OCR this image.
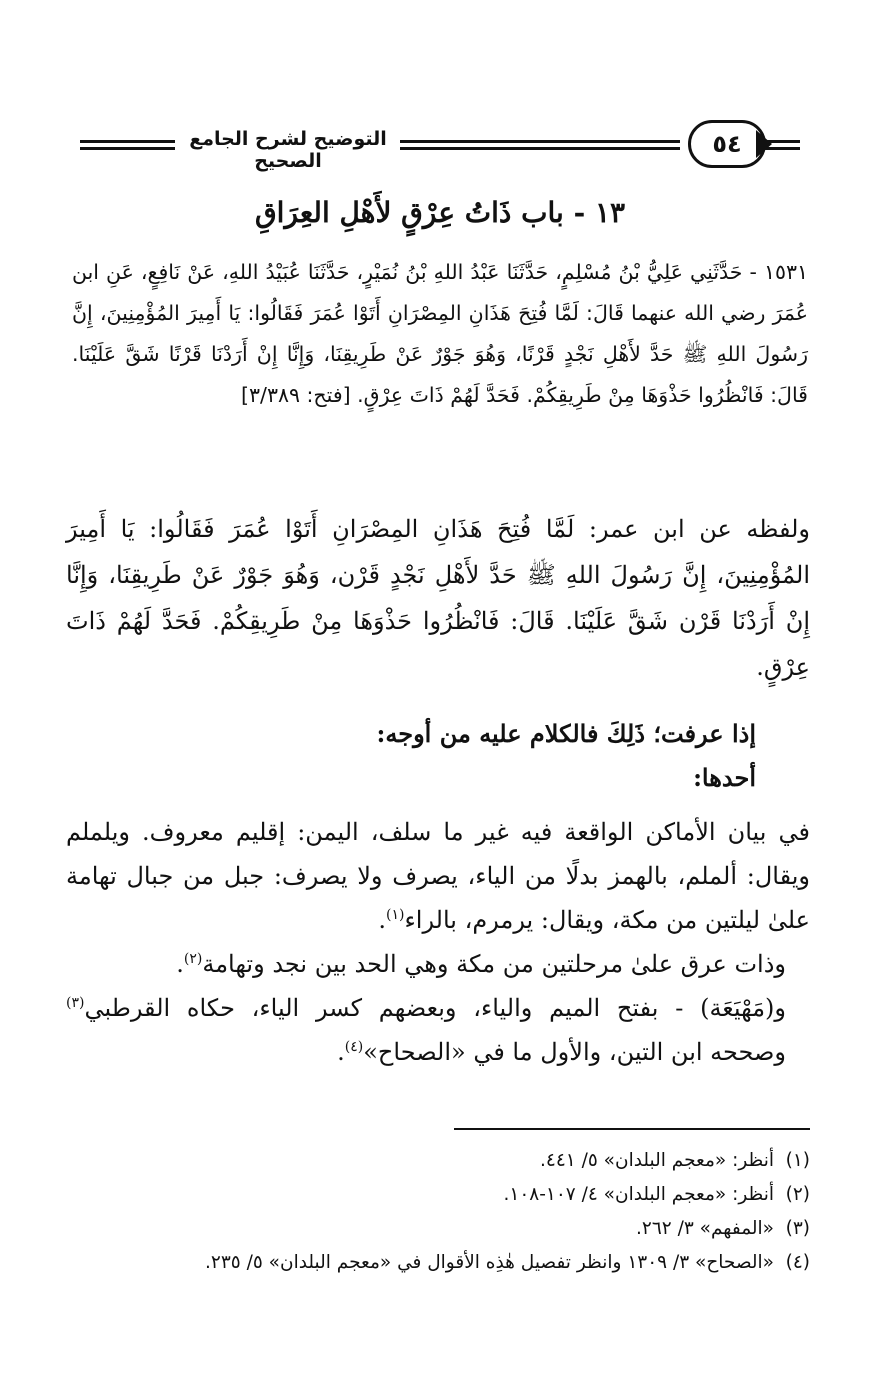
التوضيح لشرح الجامع الصحيح
٥٤
١٣ - باب ذَاتُ عِرْقٍ لأَهْلِ العِرَاقِ
١٥٣١ - حَدَّثَنِي عَلِيُّ بْنُ مُسْلِمٍ، حَدَّثَنَا عَبْدُ اللهِ بْنُ نُمَيْرٍ، حَدَّثَنَا عُبَيْدُ اللهِ، عَنْ نَافِعٍ، عَنِ ابن عُمَرَ رضي الله عنهما قَالَ: لَمَّا فُتِحَ هَذَانِ المِصْرَانِ أَتَوْا عُمَرَ فَقَالُوا: يَا أَمِيرَ المُؤْمِنِينَ، إِنَّ رَسُولَ اللهِ ﷺ حَدَّ لأَهْلِ نَجْدٍ قَرْنًا، وَهُوَ جَوْرٌ عَنْ طَرِيقِنَا، وَإِنَّا إِنْ أَرَدْنَا قَرْنًا شَقَّ عَلَيْنَا. قَالَ: فَانْظُرُوا حَذْوَهَا مِنْ طَرِيقِكُمْ. فَحَدَّ لَهُمْ ذَاتَ عِرْقٍ. [فتح: ٣/٣٨٩]
ولفظه عن ابن عمر: لَمَّا فُتِحَ هَذَانِ المِصْرَانِ أَتَوْا عُمَرَ فَقَالُوا: يَا أَمِيرَ المُؤْمِنِينَ، إِنَّ رَسُولَ اللهِ ﷺ حَدَّ لأَهْلِ نَجْدٍ قَرْن، وَهُوَ جَوْرٌ عَنْ طَرِيقِنَا، وَإِنَّا إِنْ أَرَدْنَا قَرْن شَقَّ عَلَيْنَا. قَالَ: فَانْظُرُوا حَذْوَهَا مِنْ طَرِيقِكُمْ. فَحَدَّ لَهُمْ ذَاتَ عِرْقٍ.
إذا عرفت؛ ذَلِكَ فالكلام عليه من أوجه:
أحدها:

في بيان الأماكن الواقعة فيه غير ما سلف، اليمن: إقليم معروف. ويلملم ويقال: ألملم، بالهمز بدلًا من الياء، يصرف ولا يصرف: جبل من جبال تهامة علىٰ ليلتين من مكة، ويقال: يرمرم، بالراء$^{(١)}$.

وذات عرق علىٰ مرحلتين من مكة وهي الحد بين نجد وتهامة$^{(٢)}$.

و(مَهْيَعَة) - بفتح الميم والياء، وبعضهم كسر الياء، حكاه القرطبي$^{(٣)}$ وصححه ابن التين، والأول ما في «الصحاح»$^{(٤)}$.

(١)أنظر: «معجم البلدان» ٥/ ٤٤١.

(٢)أنظر: «معجم البلدان» ٤/ ١٠٧-١٠٨.

(٣)«المفهم» ٣/ ٢٦٢.

(٤)«الصحاح» ٣/ ١٣٠٩ وانظر تفصيل هٰذِه الأقوال في «معجم البلدان» ٥/ ٢٣٥.
